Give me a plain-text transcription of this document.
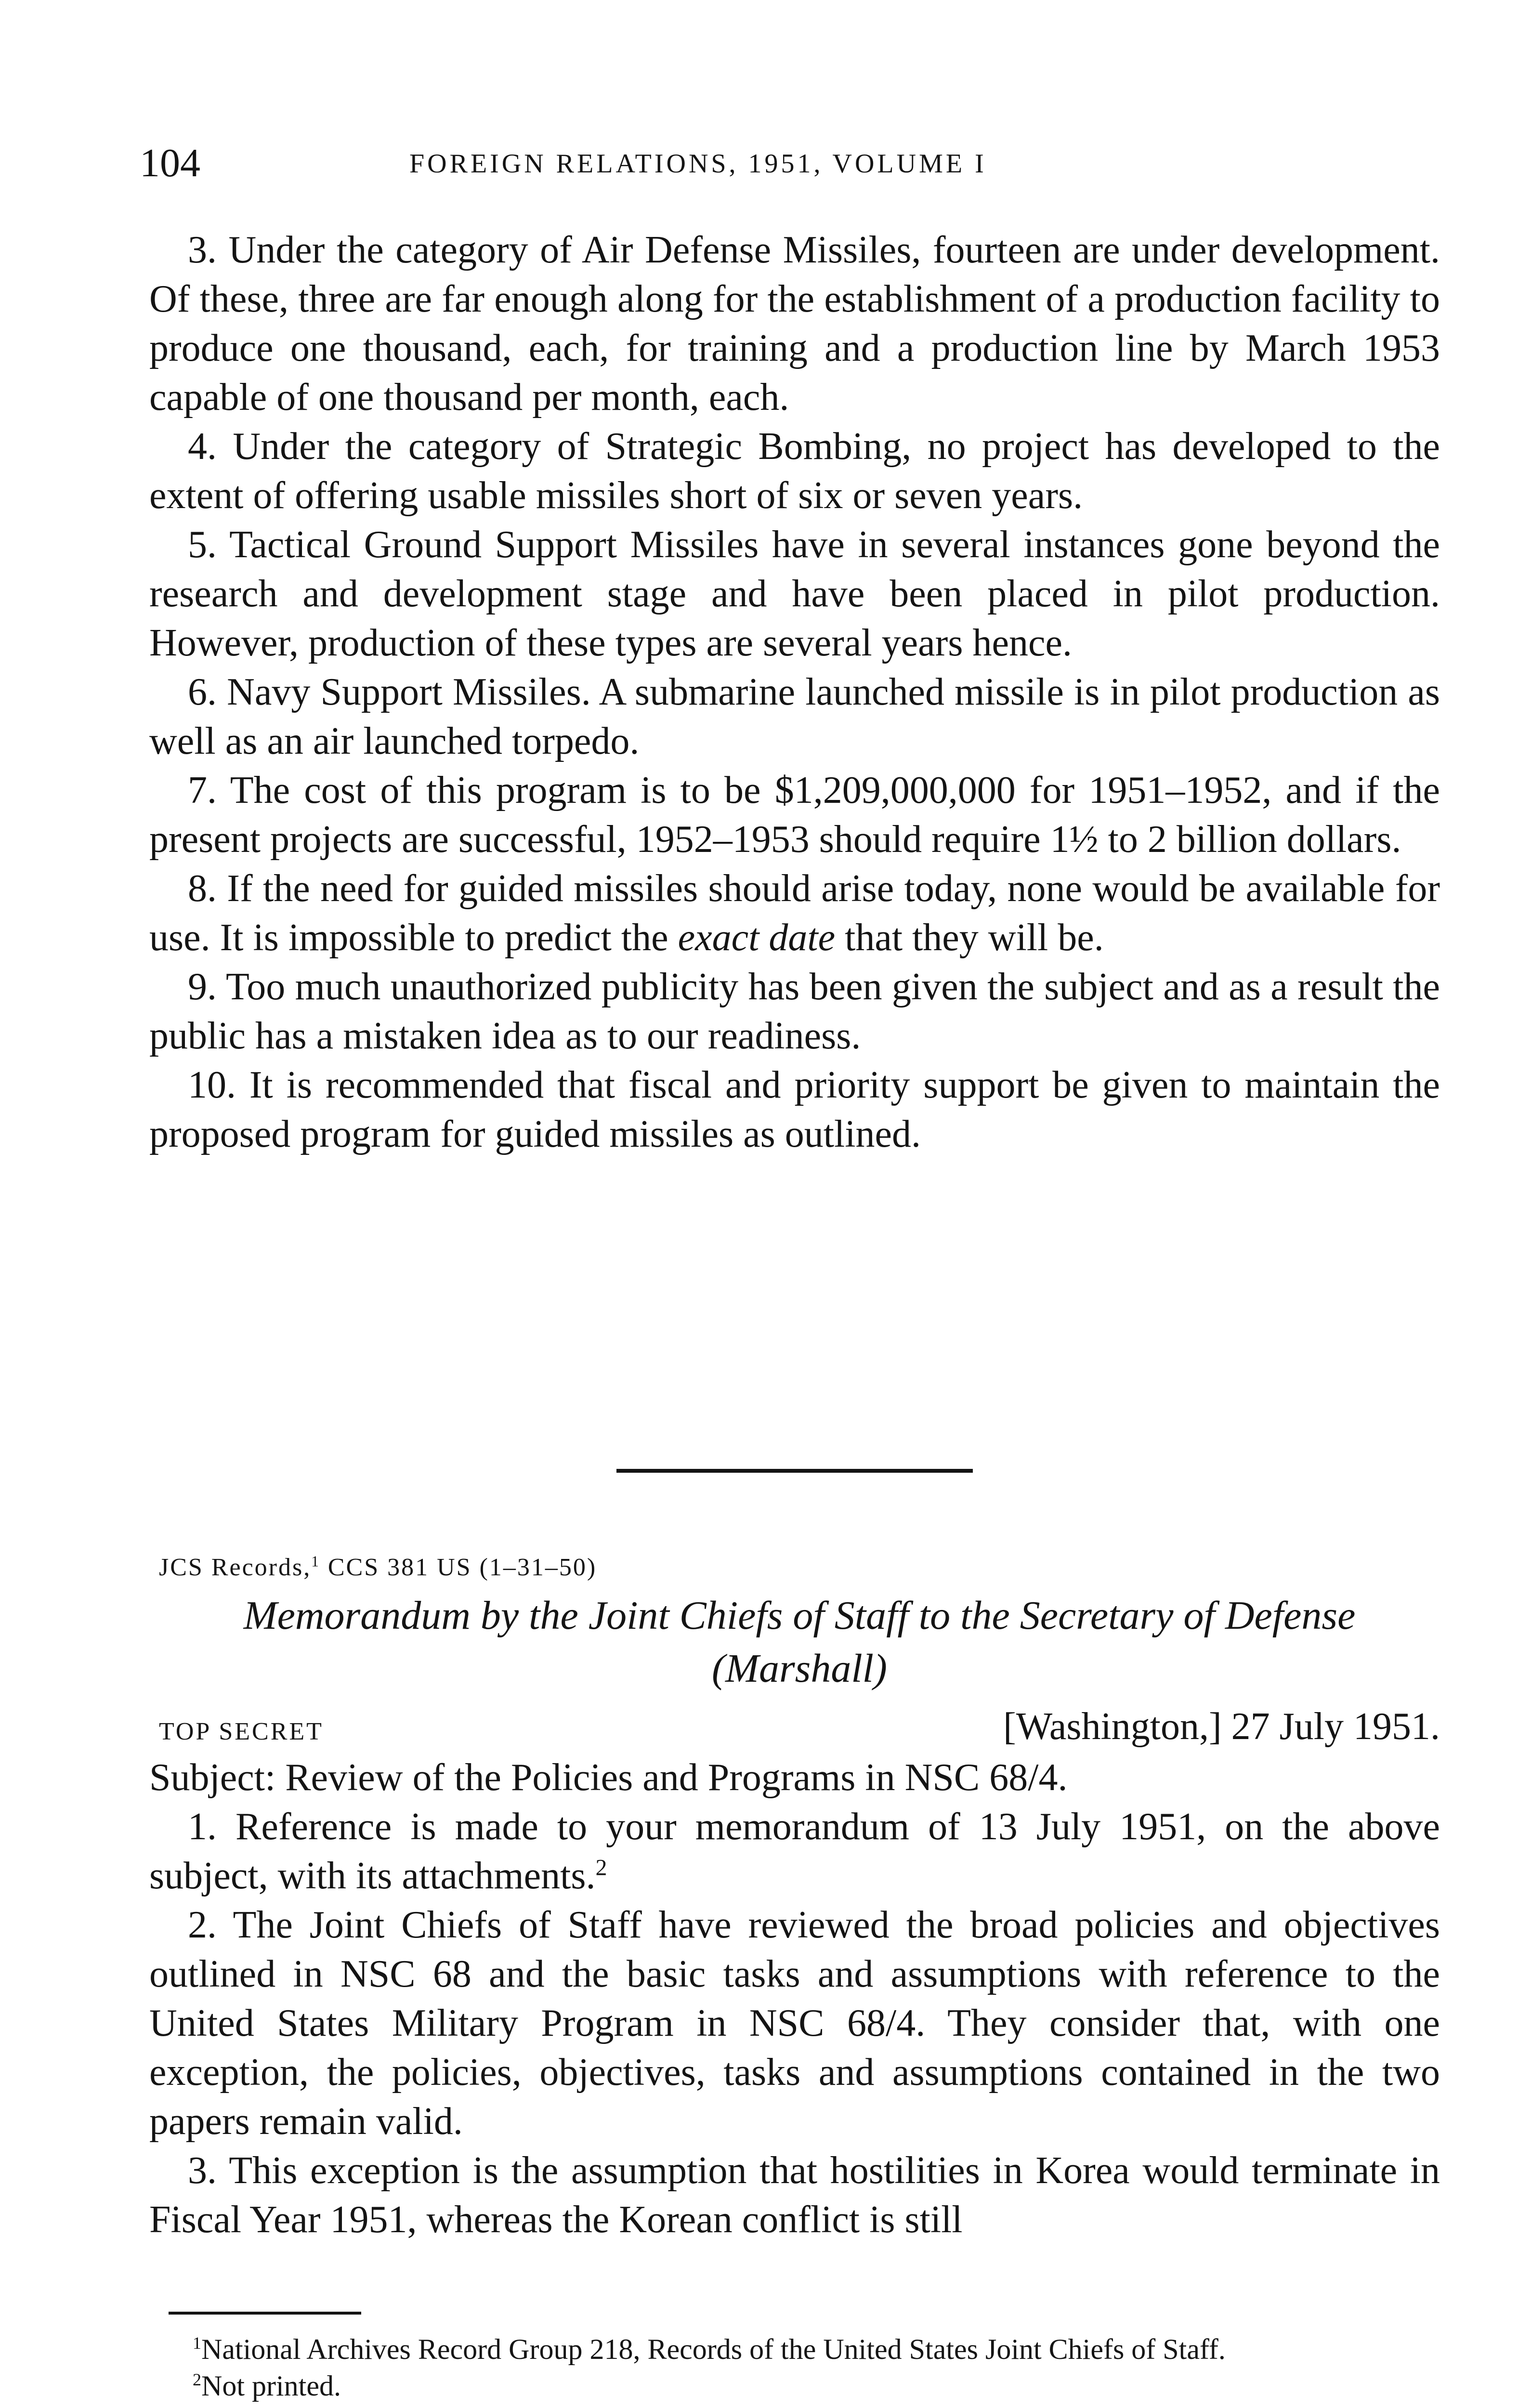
104	FOREIGN RELATIONS, 1951, VOLUME I

3. Under the category of Air Defense Missiles, fourteen are under development. Of these, three are far enough along for the establishment of a production facility to produce one thousand, each, for training and a production line by March 1953 capable of one thousand per month, each.

4. Under the category of Strategic Bombing, no project has developed to the extent of offering usable missiles short of six or seven years.

5. Tactical Ground Support Missiles have in several instances gone beyond the research and development stage and have been placed in pilot production. However, production of these types are several years hence.

6. Navy Support Missiles. A submarine launched missile is in pilot production as well as an air launched torpedo.

7. The cost of this program is to be $1,209,000,000 for 1951–1952, and if the present projects are successful, 1952–1953 should require 1½ to 2 billion dollars.

8. If the need for guided missiles should arise today, none would be available for use. It is impossible to predict the exact date that they will be.

9. Too much unauthorized publicity has been given the subject and as a result the public has a mistaken idea as to our readiness.

10. It is recommended that fiscal and priority support be given to maintain the proposed program for guided missiles as outlined.

JCS Records,$^1$ CCS 381 US (1–31–50)
Memorandum by the Joint Chiefs of Staff to the Secretary of Defense (Marshall)
TOP SECRET	[Washington,] 27 July 1951.

Subject: Review of the Policies and Programs in NSC 68/4.

1. Reference is made to your memorandum of 13 July 1951, on the above subject, with its attachments.$^2$

2. The Joint Chiefs of Staff have reviewed the broad policies and objectives outlined in NSC 68 and the basic tasks and assumptions with reference to the United States Military Program in NSC 68/4. They consider that, with one exception, the policies, objectives, tasks and assumptions contained in the two papers remain valid.

3. This exception is the assumption that hostilities in Korea would terminate in Fiscal Year 1951, whereas the Korean conflict is still

$^1$National Archives Record Group 218, Records of the United States Joint Chiefs of Staff.

$^2$Not printed.
